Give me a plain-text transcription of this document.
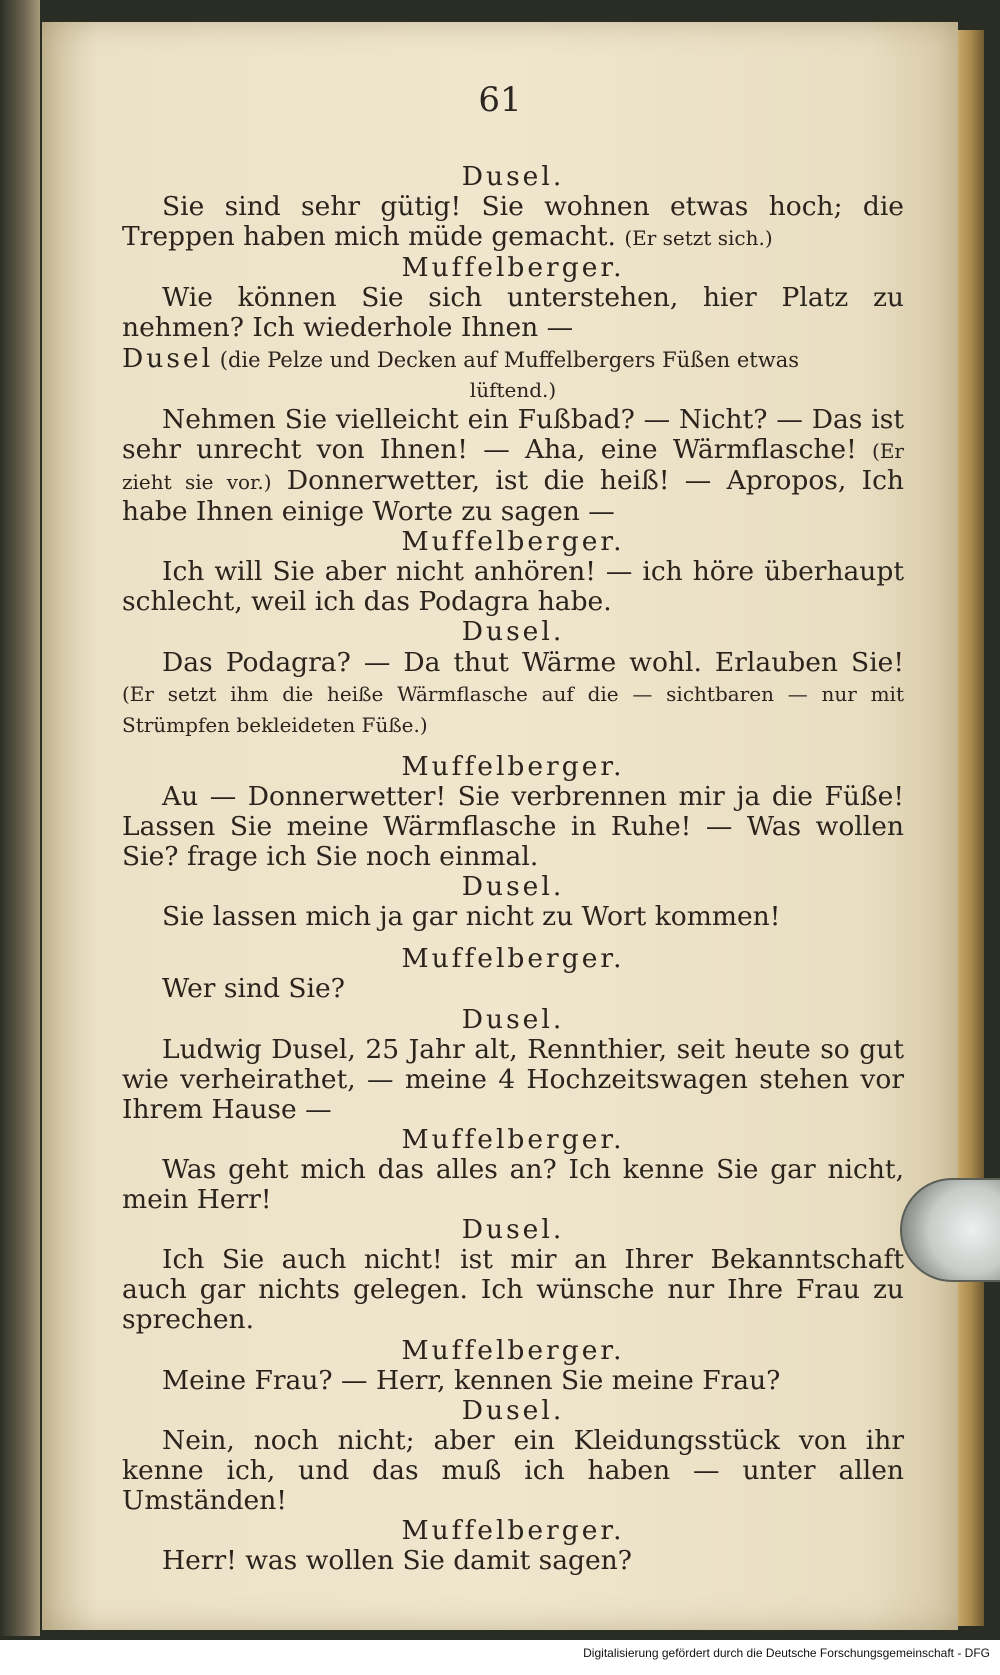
61
Dusel.
Sie sind sehr gütig! Sie wohnen etwas hoch; die Treppen haben mich müde gemacht. (Er setzt sich.)
Muffelberger.
Wie können Sie sich unterstehen, hier Platz zu nehmen? Ich wiederhole Ihnen —
Dusel (die Pelze und Decken auf Muffelbergers Füßen etwas
lüftend.)
Nehmen Sie vielleicht ein Fußbad? — Nicht? — Das ist sehr unrecht von Ihnen! — Aha, eine Wärmflasche! (Er zieht sie vor.) Donnerwetter, ist die heiß! — Apropos, Ich habe Ihnen einige Worte zu sagen —
Muffelberger.
Ich will Sie aber nicht anhören! — ich höre überhaupt schlecht, weil ich das Podagra habe.
Dusel.
Das Podagra? — Da thut Wärme wohl. Erlauben Sie! (Er setzt ihm die heiße Wärmflasche auf die — sichtbaren — nur mit Strümpfen bekleideten Füße.)
Muffelberger.
Au — Donnerwetter! Sie verbrennen mir ja die Füße! Lassen Sie meine Wärmflasche in Ruhe! — Was wollen Sie? frage ich Sie noch einmal.
Dusel.
Sie lassen mich ja gar nicht zu Wort kommen!
Muffelberger.
Wer sind Sie?
Dusel.
Ludwig Dusel, 25 Jahr alt, Rennthier, seit heute so gut wie verheirathet, — meine 4 Hochzeitswagen stehen vor Ihrem Hause —
Muffelberger.
Was geht mich das alles an? Ich kenne Sie gar nicht, mein Herr!
Dusel.
Ich Sie auch nicht! ist mir an Ihrer Bekanntschaft auch gar nichts gelegen. Ich wünsche nur Ihre Frau zu sprechen.
Muffelberger.
Meine Frau? — Herr, kennen Sie meine Frau?
Dusel.
Nein, noch nicht; aber ein Kleidungsstück von ihr kenne ich, und das muß ich haben — unter allen Umständen!
Muffelberger.
Herr! was wollen Sie damit sagen?
Digitalisierung gefördert durch die Deutsche Forschungsgemeinschaft - DFG
